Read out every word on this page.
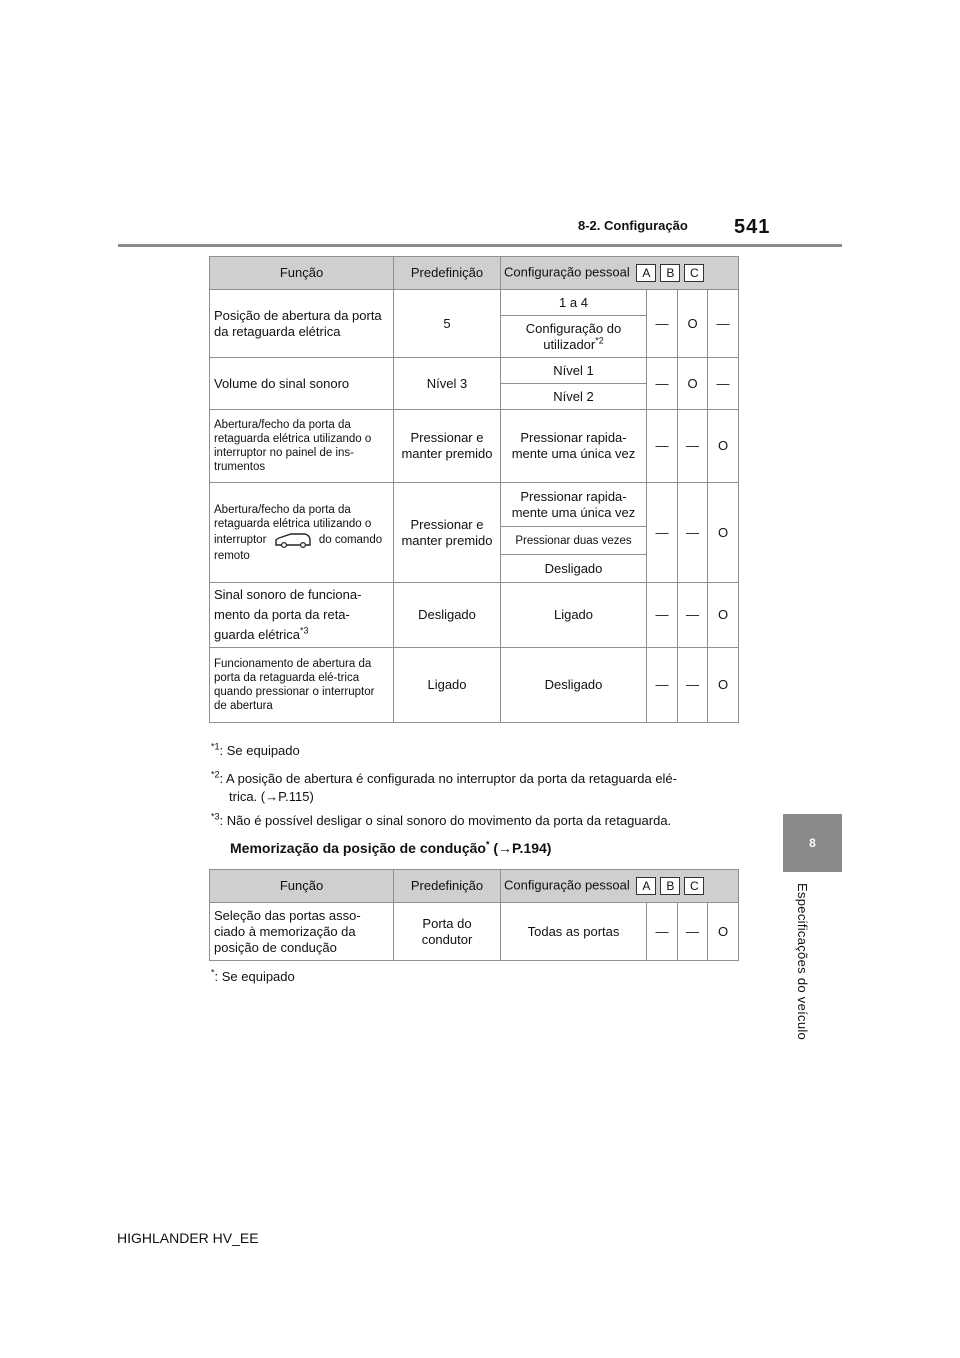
8-2. Configuração 541
8
Especificações do veículo
Função	Predefinição	Configuração pessoal A B C			

Posição de abertura da porta da retaguarda elétrica	5	1 a 4	—	O	—
		Configuração do utilizador$^{*2}$
Volume do sinal sonoro	Nível 3	Nível 1	—	O	—
		Nível 2			
Abertura/fecho da porta da retaguarda elétrica utilizando o interruptor no painel de ins-trumentos	Pressionar e manter premido	Pressionar rapida-mente uma única vez	—	—	O
Abertura/fecho da porta da retaguarda elétrica utilizando o interruptor do comando remoto	Pressionar e manter premido	Pressionar rapida-mente uma única vez	—	—	O
		Pressionar duas vezes			
		Desligado			
Sinal sonoro de funciona-mento da porta da reta-guarda elétrica$^{*3}$	Desligado	Ligado	—	—	O
Funcionamento de abertura da porta da retaguarda elé-trica quando pressionar o interruptor de abertura	Ligado	Desligado	—	—	O
$^{*1}$: Se equipado
$^{*2}$: A posição de abertura é configurada no interruptor da porta da retaguarda elé-
trica. (→P.115)
$^{*3}$: Não é possível desligar o sinal sonoro do movimento da porta da retaguarda.
Memorização da posição de condução* (→P.194)
Função	Predefinição	Configuração pessoal A B C			

Seleção das portas asso-ciado à memorização da posição de condução	Porta do condutor	Todas as portas	—	—	O
*: Se equipado
HIGHLANDER HV_EE
